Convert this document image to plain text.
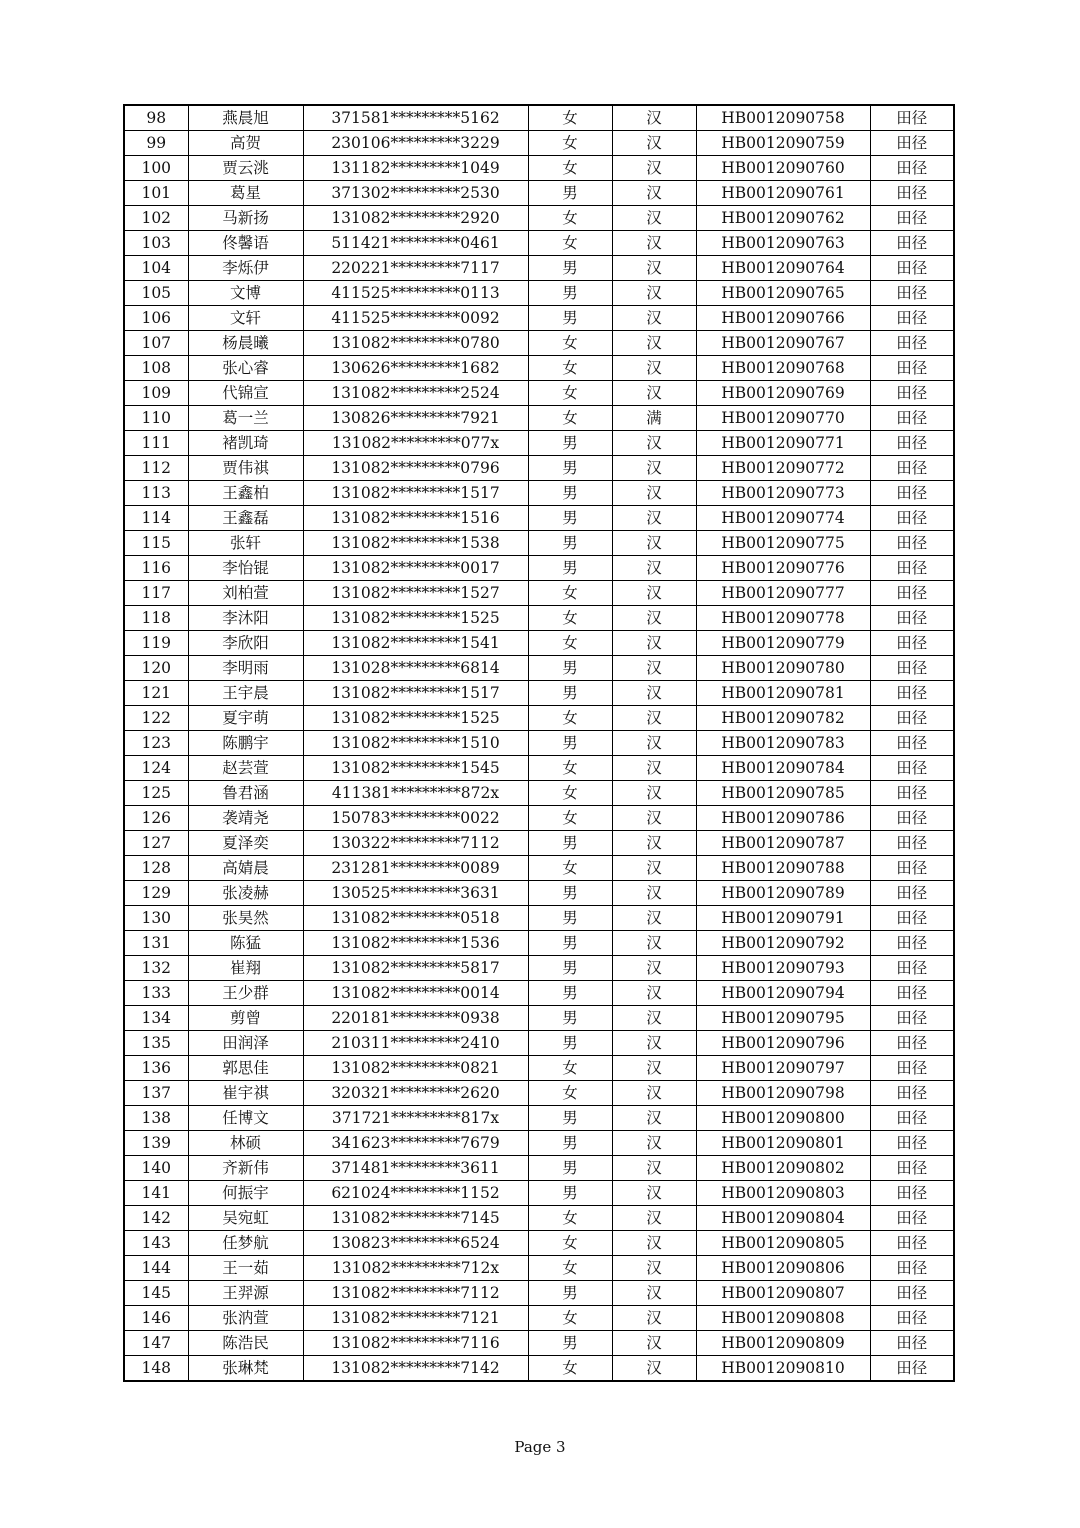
98	燕晨旭	371581*********5162	女	汉	HB0012090758	田径
99	高贺	230106*********3229	女	汉	HB0012090759	田径
100	贾云洮	131182*********1049	女	汉	HB0012090760	田径
101	葛星	371302*********2530	男	汉	HB0012090761	田径
102	马新扬	131082*********2920	女	汉	HB0012090762	田径
103	佟馨语	511421*********0461	女	汉	HB0012090763	田径
104	李烁伊	220221*********7117	男	汉	HB0012090764	田径
105	文博	411525*********0113	男	汉	HB0012090765	田径
106	文轩	411525*********0092	男	汉	HB0012090766	田径
107	杨晨曦	131082*********0780	女	汉	HB0012090767	田径
108	张心睿	130626*********1682	女	汉	HB0012090768	田径
109	代锦宣	131082*********2524	女	汉	HB0012090769	田径
110	葛一兰	130826*********7921	女	满	HB0012090770	田径
111	褚凯琦	131082*********077x	男	汉	HB0012090771	田径
112	贾伟祺	131082*********0796	男	汉	HB0012090772	田径
113	王鑫柏	131082*********1517	男	汉	HB0012090773	田径
114	王鑫磊	131082*********1516	男	汉	HB0012090774	田径
115	张轩	131082*********1538	男	汉	HB0012090775	田径
116	李怡锟	131082*********0017	男	汉	HB0012090776	田径
117	刘柏萱	131082*********1527	女	汉	HB0012090777	田径
118	李沐阳	131082*********1525	女	汉	HB0012090778	田径
119	李欣阳	131082*********1541	女	汉	HB0012090779	田径
120	李明雨	131028*********6814	男	汉	HB0012090780	田径
121	王宇晨	131082*********1517	男	汉	HB0012090781	田径
122	夏宇萌	131082*********1525	女	汉	HB0012090782	田径
123	陈鹏宇	131082*********1510	男	汉	HB0012090783	田径
124	赵芸萱	131082*********1545	女	汉	HB0012090784	田径
125	鲁君涵	411381*********872x	女	汉	HB0012090785	田径
126	袭靖尧	150783*********0022	女	汉	HB0012090786	田径
127	夏泽奕	130322*********7112	男	汉	HB0012090787	田径
128	高婧晨	231281*********0089	女	汉	HB0012090788	田径
129	张凌赫	130525*********3631	男	汉	HB0012090789	田径
130	张昊然	131082*********0518	男	汉	HB0012090791	田径
131	陈猛	131082*********1536	男	汉	HB0012090792	田径
132	崔翔	131082*********5817	男	汉	HB0012090793	田径
133	王少群	131082*********0014	男	汉	HB0012090794	田径
134	剪曾	220181*********0938	男	汉	HB0012090795	田径
135	田润泽	210311*********2410	男	汉	HB0012090796	田径
136	郭思佳	131082*********0821	女	汉	HB0012090797	田径
137	崔宇祺	320321*********2620	女	汉	HB0012090798	田径
138	任博文	371721*********817x	男	汉	HB0012090800	田径
139	林硕	341623*********7679	男	汉	HB0012090801	田径
140	齐新伟	371481*********3611	男	汉	HB0012090802	田径
141	何振宇	621024*********1152	男	汉	HB0012090803	田径
142	吴宛虹	131082*********7145	女	汉	HB0012090804	田径
143	任梦航	130823*********6524	女	汉	HB0012090805	田径
144	王一茹	131082*********712x	女	汉	HB0012090806	田径
145	王羿源	131082*********7112	男	汉	HB0012090807	田径
146	张汭萱	131082*********7121	女	汉	HB0012090808	田径
147	陈浩民	131082*********7116	男	汉	HB0012090809	田径
148	张琳梵	131082*********7142	女	汉	HB0012090810	田径
Page 3
